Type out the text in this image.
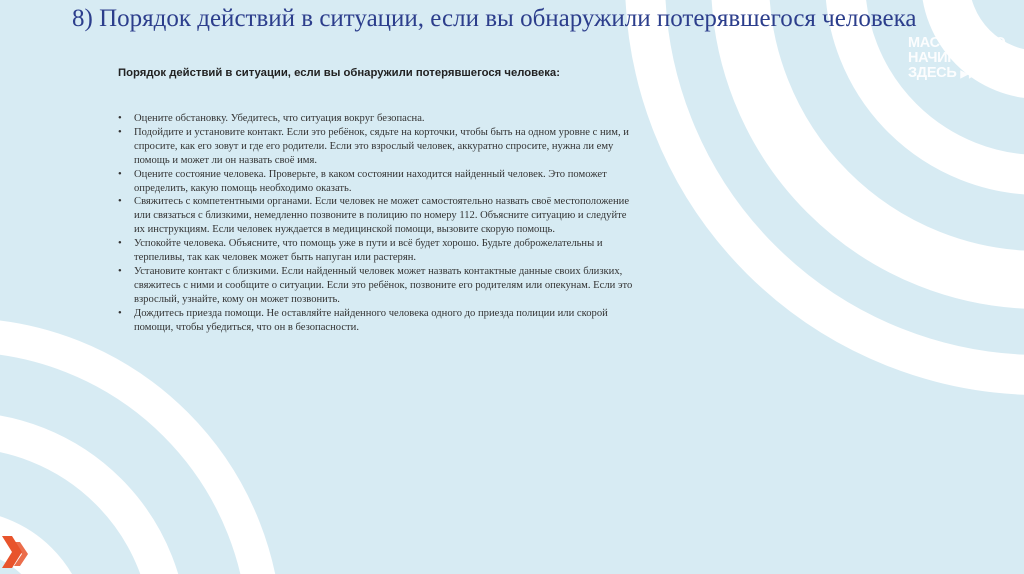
8) Порядок действий в ситуации, если вы обнаружили потерявшегося человека
МАСТЕРСТВО
НАЧИНАЕТСЯ
ЗДЕСЬ ▶▶▶▶

Порядок действий в ситуации, если вы обнаружили потерявшегося человека:

• Оцените обстановку. Убедитесь, что ситуация вокруг безопасна.
• Подойдите и установите контакт. Если это ребёнок, сядьте на корточки, чтобы быть на одном уровне с ним, и спросите, как его зовут и где его родители. Если это взрослый человек, аккуратно спросите, нужна ли ему помощь и может ли он назвать своё имя.
• Оцените состояние человека. Проверьте, в каком состоянии находится найденный человек. Это поможет определить, какую помощь необходимо оказать.
• Свяжитесь с компетентными органами. Если человек не может самостоятельно назвать своё местоположение или связаться с близкими, немедленно позвоните в полицию по номеру 112. Объясните ситуацию и следуйте их инструкциям. Если человек нуждается в медицинской помощи, вызовите скорую помощь.
• Успокойте человека. Объясните, что помощь уже в пути и всё будет хорошо. Будьте доброжелательны и терпеливы, так как человек может быть напуган или растерян.
• Установите контакт с близкими. Если найденный человек может назвать контактные данные своих близких, свяжитесь с ними и сообщите о ситуации. Если это ребёнок, позвоните его родителям или опекунам. Если это взрослый, узнайте, кому он может позвонить.
• Дождитесь приезда помощи. Не оставляйте найденного человека одного до приезда полиции или скорой помощи, чтобы убедиться, что он в безопасности.
